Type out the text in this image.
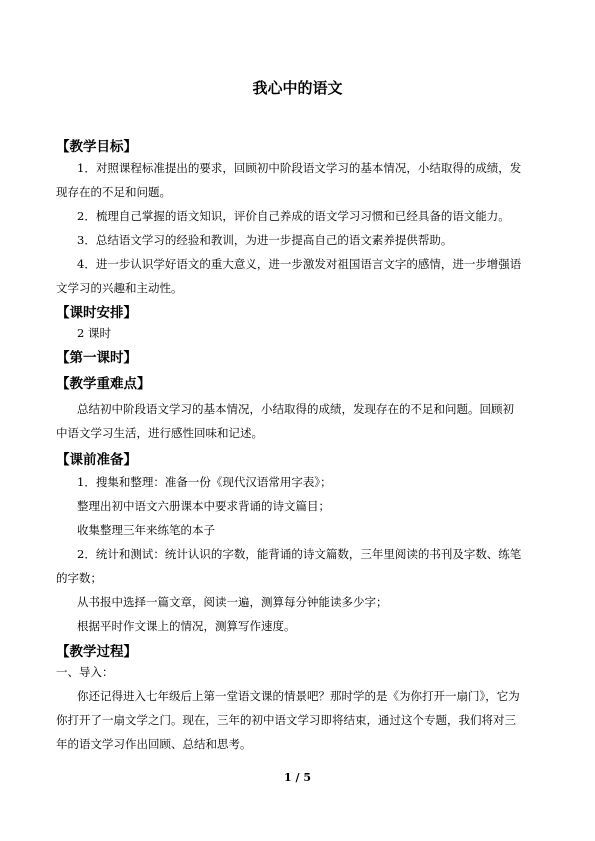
我心中的语文
【教学目标】
1．对照课程标准提出的要求，回顾初中阶段语文学习的基本情况，小结取得的成绩，发
现存在的不足和问题。
2．梳理自己掌握的语文知识，评价自己养成的语文学习习惯和已经具备的语文能力。
3．总结语文学习的经验和教训，为进一步提高自己的语文素养提供帮助。
4．进一步认识学好语文的重大意义，进一步激发对祖国语言文字的感情，进一步增强语
文学习的兴趣和主动性。
【课时安排】
2 课时
【第一课时】
【教学重难点】
总结初中阶段语文学习的基本情况，小结取得的成绩，发现存在的不足和问题。回顾初
中语文学习生活，进行感性回味和记述。
【课前准备】
1．搜集和整理：准备一份《现代汉语常用字表》；
整理出初中语文六册课本中要求背诵的诗文篇目；
收集整理三年来练笔的本子
2．统计和测试：统计认识的字数，能背诵的诗文篇数，三年里阅读的书刊及字数、练笔
的字数；
从书报中选择一篇文章，阅读一遍，测算每分钟能读多少字；
根据平时作文课上的情况，测算写作速度。
【教学过程】
一、导入：
你还记得进入七年级后上第一堂语文课的情景吧？那时学的是《为你打开一扇门》，它为
你打开了一扇文学之门。现在，三年的初中语文学习即将结束，通过这个专题，我们将对三
年的语文学习作出回顾、总结和思考。
1 / 5
